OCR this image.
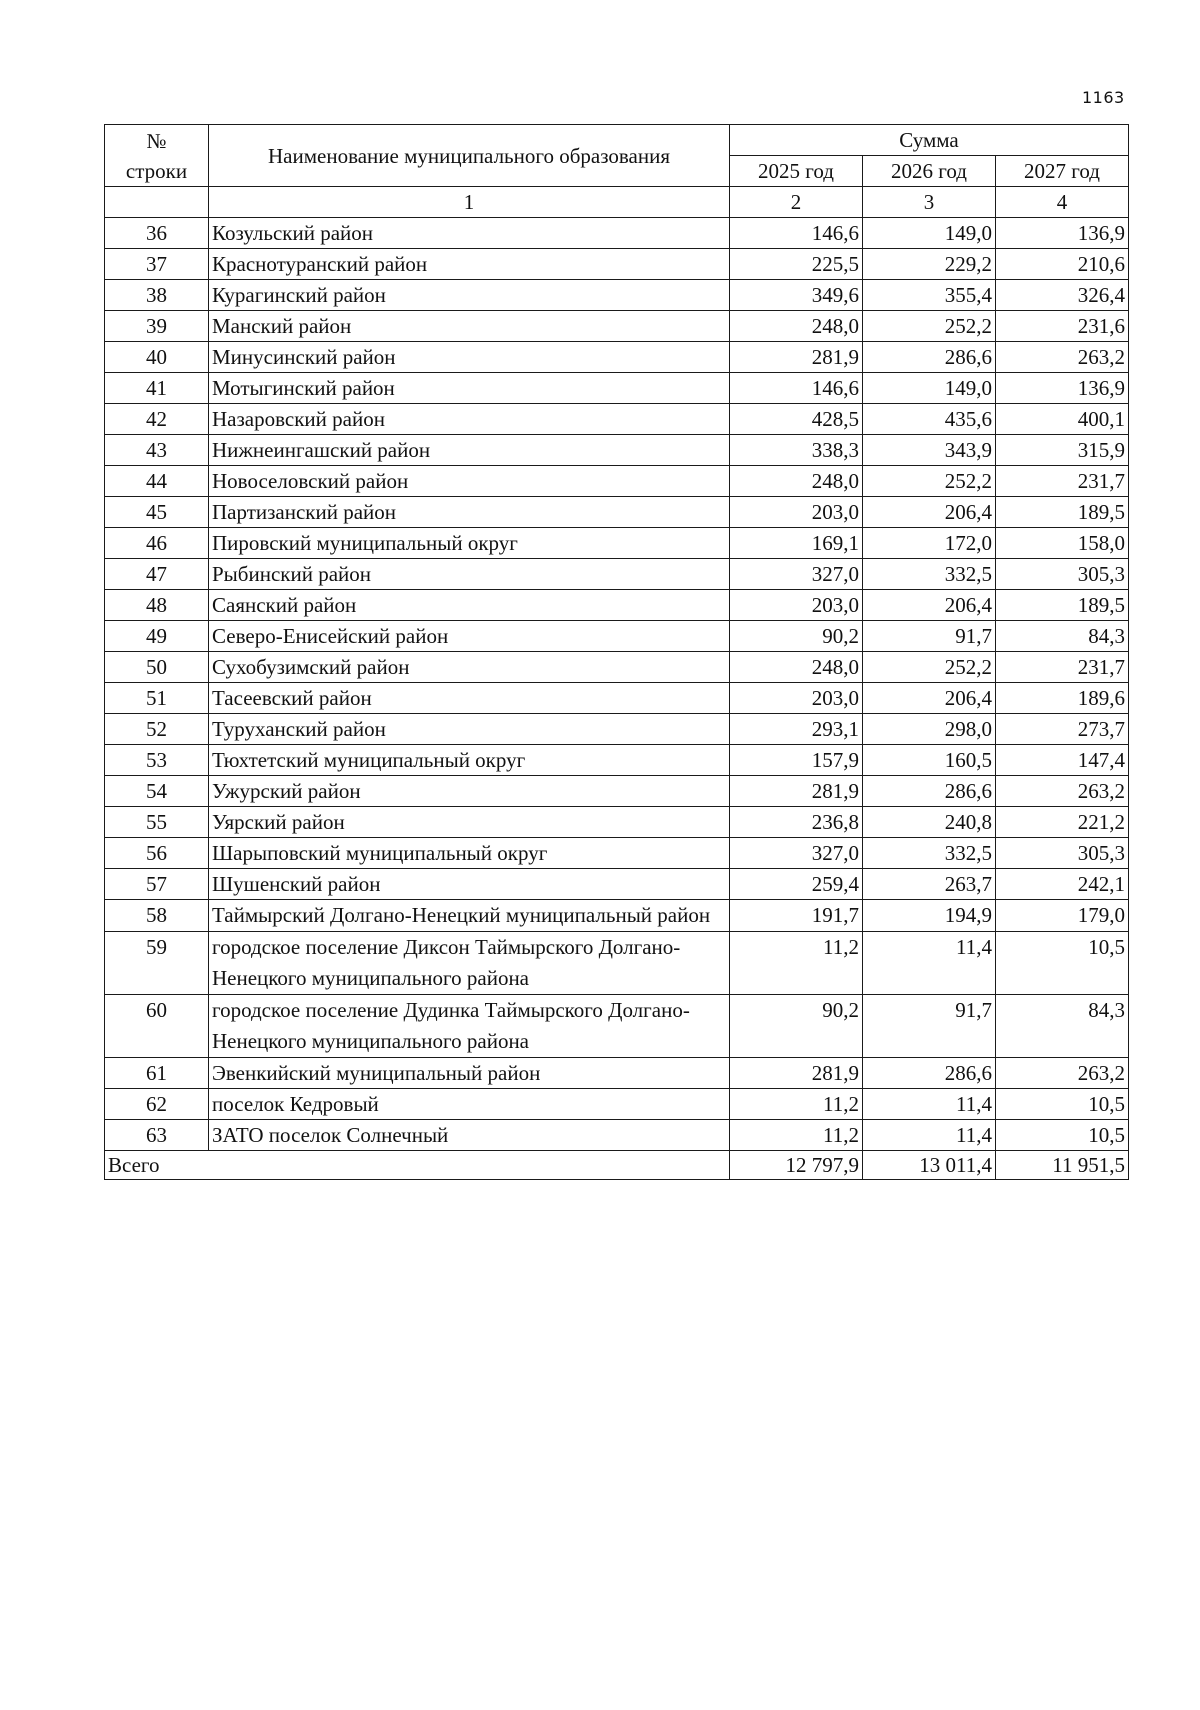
1163
№
строки	Наименование муниципального образования	Сумма		
		2025 год	2026 год	2027 год
	1	2	3	4
36	Козульский район	146,6	149,0	136,9
37	Краснотуранский район	225,5	229,2	210,6
38	Курагинский район	349,6	355,4	326,4
39	Манский район	248,0	252,2	231,6
40	Минусинский район	281,9	286,6	263,2
41	Мотыгинский район	146,6	149,0	136,9
42	Назаровский район	428,5	435,6	400,1
43	Нижнеингашский район	338,3	343,9	315,9
44	Новоселовский район	248,0	252,2	231,7
45	Партизанский район	203,0	206,4	189,5
46	Пировский муниципальный округ	169,1	172,0	158,0
47	Рыбинский район	327,0	332,5	305,3
48	Саянский район	203,0	206,4	189,5
49	Северо-Енисейский район	90,2	91,7	84,3
50	Сухобузимский район	248,0	252,2	231,7
51	Тасеевский район	203,0	206,4	189,6
52	Туруханский район	293,1	298,0	273,7
53	Тюхтетский муниципальный округ	157,9	160,5	147,4
54	Ужурский район	281,9	286,6	263,2
55	Уярский район	236,8	240,8	221,2
56	Шарыповский муниципальный округ	327,0	332,5	305,3
57	Шушенский район	259,4	263,7	242,1
58	Таймырский Долгано-Ненецкий муниципальный район	191,7	194,9	179,0
59	городское поселение Диксон Таймырского Долгано-Ненецкого муниципального района	11,2	11,4	10,5
60	городское поселение Дудинка Таймырского Долгано-Ненецкого муниципального района	90,2	91,7	84,3
61	Эвенкийский муниципальный район	281,9	286,6	263,2
62	поселок Кедровый	11,2	11,4	10,5
63	ЗАТО поселок Солнечный	11,2	11,4	10,5
Всего		12 797,9	13 011,4	11 951,5
